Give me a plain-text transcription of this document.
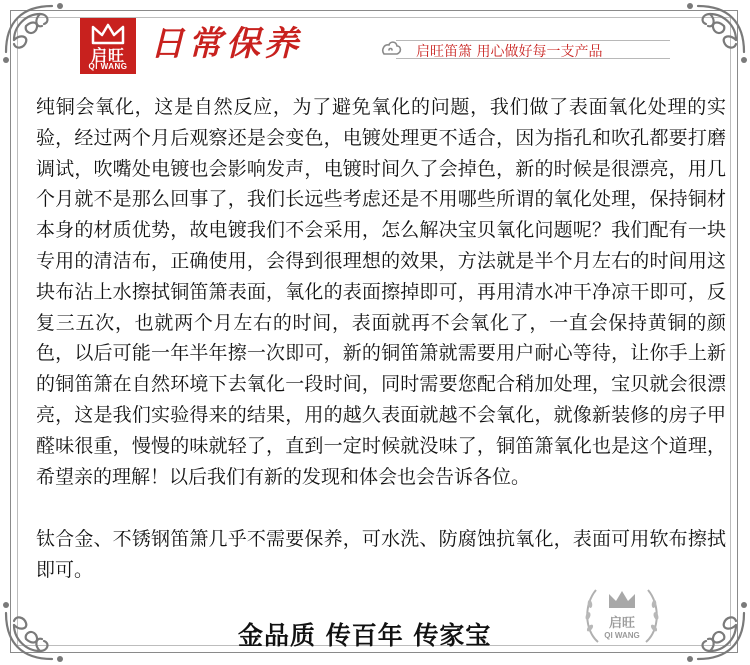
启旺
QI WANG
日常保养	启旺笛箫 用心做好每一支产品

纯铜会氧化，这是自然反应，为了避免氧化的问题，我们做了表面氧化处理的实验，经过两个月后观察还是会变色，电镀处理更不适合，因为指孔和吹孔都要打磨调试，吹嘴处电镀也会影响发声，电镀时间久了会掉色，新的时候是很漂亮，用几个月就不是那么回事了，我们长远些考虑还是不用哪些所谓的氧化处理，保持铜材本身的材质优势，故电镀我们不会采用，怎么解决宝贝氧化问题呢？我们配有一块专用的清洁布，正确使用，会得到很理想的效果，方法就是半个月左右的时间用这块布沾上水擦拭铜笛箫表面，氧化的表面擦掉即可，再用清水冲干净凉干即可，反复三五次，也就两个月左右的时间，表面就再不会氧化了，一直会保持黄铜的颜色，以后可能一年半年擦一次即可，新的铜笛箫就需要用户耐心等待，让你手上新的铜笛箫在自然环境下去氧化一段时间，同时需要您配合稍加处理，宝贝就会很漂亮，这是我们实验得来的结果，用的越久表面就越不会氧化，就像新装修的房子甲醛味很重，慢慢的味就轻了，直到一定时候就没味了，铜笛箫氧化也是这个道理，希望亲的理解！以后我们有新的发现和体会也会告诉各位。

钛合金、不锈钢笛箫几乎不需要保养，可水洗、防腐蚀抗氧化，表面可用软布擦拭即可。

金品质 传百年 传家宝	启旺
QI WANG
